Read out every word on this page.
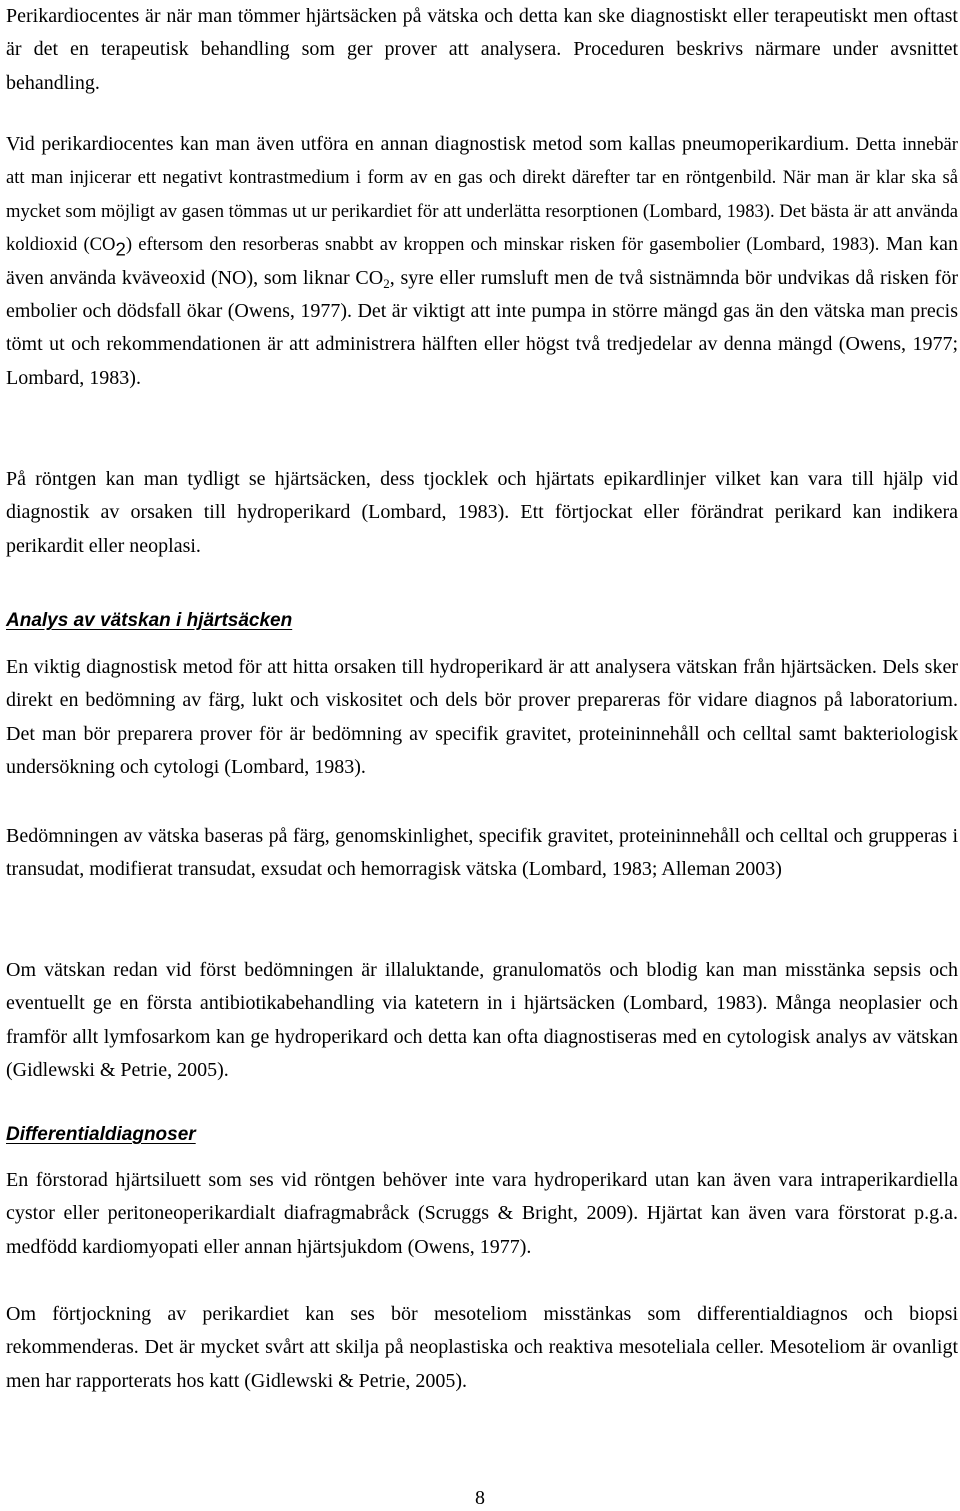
Perikardiocentes är när man tömmer hjärtsäcken på vätska och detta kan ske diagnostiskt eller terapeutiskt men oftast är det en terapeutisk behandling som ger prover att analysera. Proceduren beskrivs närmare under avsnittet behandling.

Vid perikardiocentes kan man även utföra en annan diagnostisk metod som kallas pneumoperikardium. Detta innebär att man injicerar ett negativt kontrastmedium i form av en gas och direkt därefter tar en röntgenbild. När man är klar ska så mycket som möjligt av gasen tömmas ut ur perikardiet för att underlätta resorptionen (Lombard, 1983). Det bästa är att använda koldioxid $(CO_2)$ eftersom den resorberas snabbt av kroppen och minskar risken för gasembolier (Lombard, 1983). Man kan även använda kväveoxid (NO), som liknar $CO_2$, syre eller rumsluft men de två sistnämnda bör undvikas då risken för embolier och dödsfall ökar (Owens, 1977). Det är viktigt att inte pumpa in större mängd gas än den vätska man precis tömt ut och rekommendationen är att administrera hälften eller högst två tredjedelar av denna mängd (Owens, 1977; Lombard, 1983).

På röntgen kan man tydligt se hjärtsäcken, dess tjocklek och hjärtats epikardlinjer vilket kan vara till hjälp vid diagnostik av orsaken till hydroperikard (Lombard, 1983). Ett förtjockat eller förändrat perikard kan indikera perikardit eller neoplasi.

Analys av vätskan i hjärtsäcken

En viktig diagnostisk metod för att hitta orsaken till hydroperikard är att analysera vätskan från hjärtsäcken. Dels sker direkt en bedömning av färg, lukt och viskositet och dels bör prover prepareras för vidare diagnos på laboratorium. Det man bör preparera prover för är bedömning av specifik gravitet, proteininnehåll och celltal samt bakteriologisk undersökning och cytologi (Lombard, 1983).

Bedömningen av vätska baseras på färg, genomskinlighet, specifik gravitet, proteininnehåll och celltal och grupperas i transudat, modifierat transudat, exsudat och hemorragisk vätska (Lombard, 1983; Alleman 2003)

Om vätskan redan vid först bedömningen är illaluktande, granulomatös och blodig kan man misstänka sepsis och eventuellt ge en första antibiotikabehandling via katetern in i hjärtsäcken (Lombard, 1983). Många neoplasier och framför allt lymfosarkom kan ge hydroperikard och detta kan ofta diagnostiseras med en cytologisk analys av vätskan (Gidlewski & Petrie, 2005).

Differentialdiagnoser

En förstorad hjärtsiluett som ses vid röntgen behöver inte vara hydroperikard utan kan även vara intraperikardiella cystor eller peritoneoperikardialt diafragmabråck (Scruggs & Bright, 2009). Hjärtat kan även vara förstorat p.g.a. medfödd kardiomyopati eller annan hjärtsjukdom (Owens, 1977).

Om förtjockning av perikardiet kan ses bör mesoteliom misstänkas som differentialdiagnos och biopsi rekommenderas. Det är mycket svårt att skilja på neoplastiska och reaktiva mesoteliala celler. Mesoteliom är ovanligt men har rapporterats hos katt (Gidlewski & Petrie, 2005).

8
